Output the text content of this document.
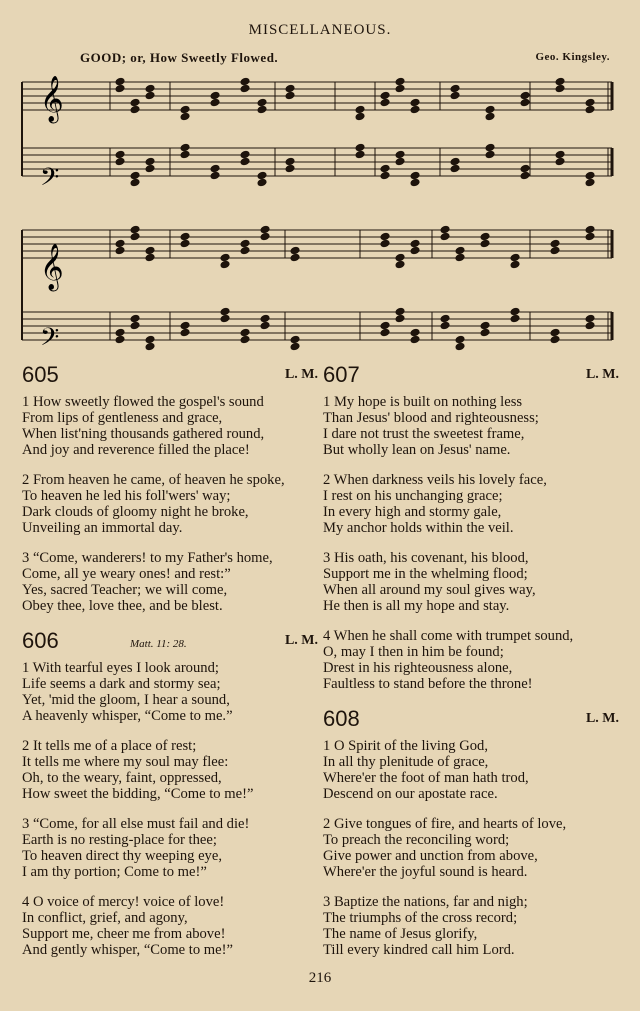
MISCELLANEOUS.
GOOD; or, How Sweetly Flowed.	Geo. Kingsley.
𝄞
𝄢
𝄞
𝄢
605	L. M.
1 How sweetly flowed the gospel's sound
From lips of gentleness and grace,
When list'ning thousands gathered round,
And joy and reverence filled the place!
2 From heaven he came, of heaven he spoke,
To heaven he led his foll'wers' way;
Dark clouds of gloomy night he broke,
Unveiling an immortal day.
3 “Come, wanderers! to my Father's home,
Come, all ye weary ones! and rest:”
Yes, sacred Teacher; we will come,
Obey thee, love thee, and be blest.
606	Matt. 11: 28.	L. M.
1 With tearful eyes I look around;
Life seems a dark and stormy sea;
Yet, 'mid the gloom, I hear a sound,
A heavenly whisper, “Come to me.”
2 It tells me of a place of rest;
It tells me where my soul may flee:
Oh, to the weary, faint, oppressed,
How sweet the bidding, “Come to me!”
3 “Come, for all else must fail and die!
Earth is no resting-place for thee;
To heaven direct thy weeping eye,
I am thy portion; Come to me!”
4 O voice of mercy! voice of love!
In conflict, grief, and agony,
Support me, cheer me from above!
And gently whisper, “Come to me!”
607	L. M.
1 My hope is built on nothing less
Than Jesus' blood and righteousness;
I dare not trust the sweetest frame,
But wholly lean on Jesus' name.
2 When darkness veils his lovely face,
I rest on his unchanging grace;
In every high and stormy gale,
My anchor holds within the veil.
3 His oath, his covenant, his blood,
Support me in the whelming flood;
When all around my soul gives way,
He then is all my hope and stay.
4 When he shall come with trumpet sound,
O, may I then in him be found;
Drest in his righteousness alone,
Faultless to stand before the throne!
608	L. M.
1 O Spirit of the living God,
In all thy plenitude of grace,
Where'er the foot of man hath trod,
Descend on our apostate race.
2 Give tongues of fire, and hearts of love,
To preach the reconciling word;
Give power and unction from above,
Where'er the joyful sound is heard.
3 Baptize the nations, far and nigh;
The triumphs of the cross record;
The name of Jesus glorify,
Till every kindred call him Lord.
216
